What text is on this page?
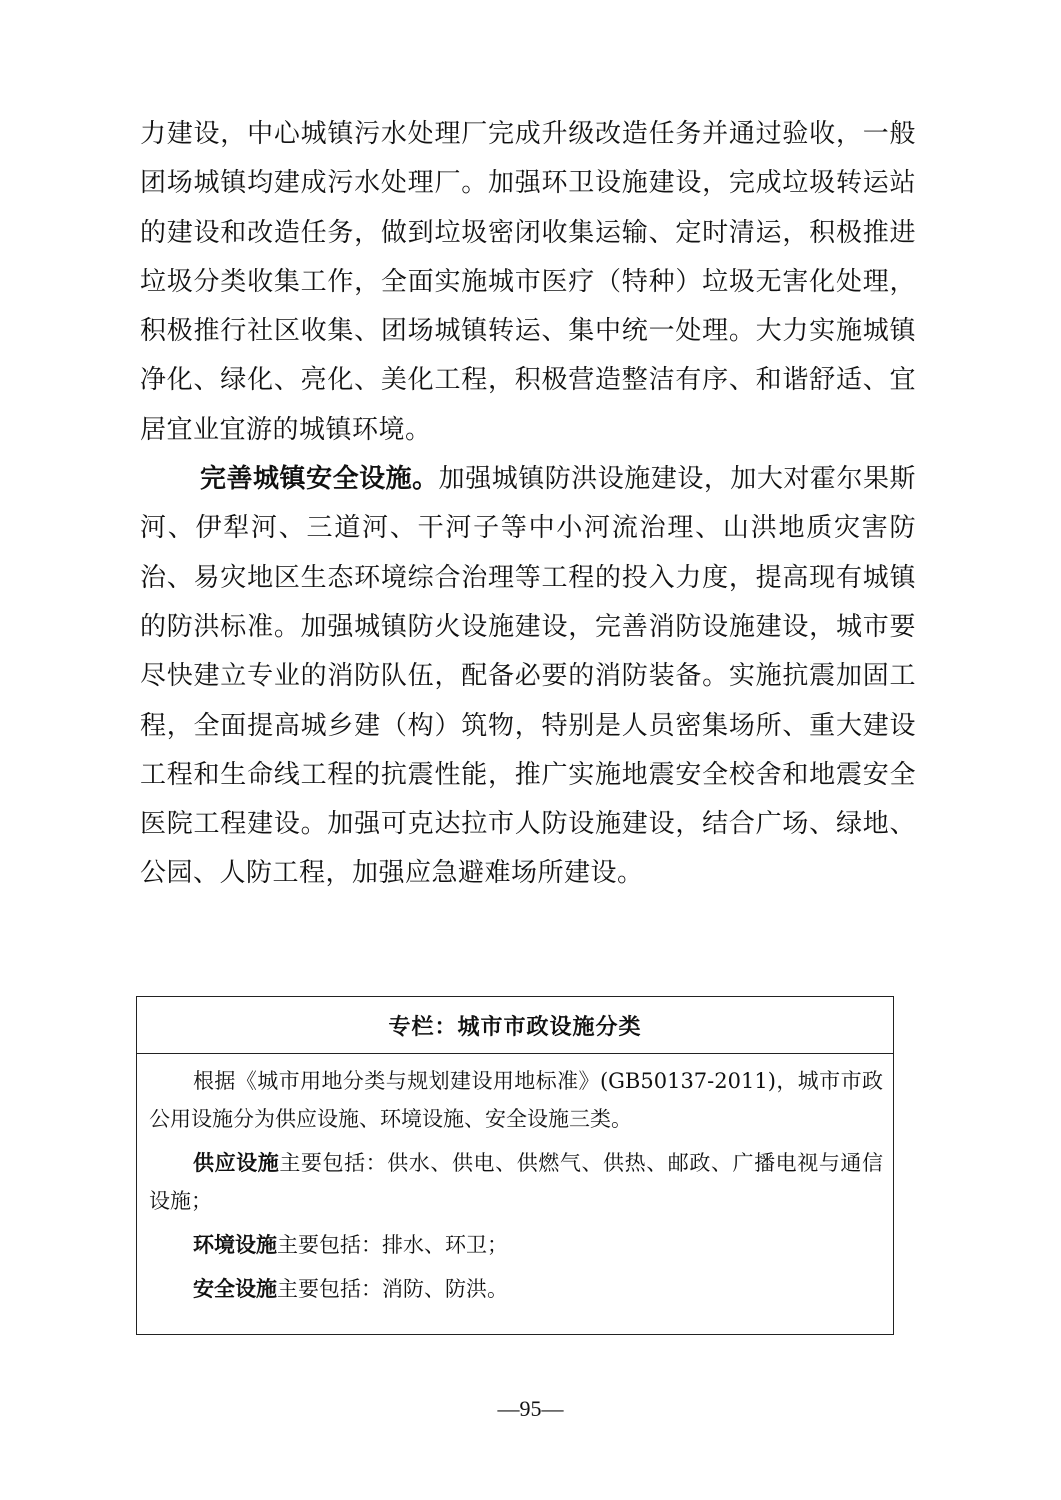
力建设，中心城镇污水处理厂完成升级改造任务并通过验收，一般团场城镇均建成污水处理厂。加强环卫设施建设，完成垃圾转运站的建设和改造任务，做到垃圾密闭收集运输、定时清运，积极推进垃圾分类收集工作，全面实施城市医疗（特种）垃圾无害化处理，积极推行社区收集、团场城镇转运、集中统一处理。大力实施城镇净化、绿化、亮化、美化工程，积极营造整洁有序、和谐舒适、宜居宜业宜游的城镇环境。

完善城镇安全设施。加强城镇防洪设施建设，加大对霍尔果斯河、伊犁河、三道河、干河子等中小河流治理、山洪地质灾害防治、易灾地区生态环境综合治理等工程的投入力度，提高现有城镇的防洪标准。加强城镇防火设施建设，完善消防设施建设，城市要尽快建立专业的消防队伍，配备必要的消防装备。实施抗震加固工程，全面提高城乡建（构）筑物，特别是人员密集场所、重大建设工程和生命线工程的抗震性能，推广实施地震安全校舍和地震安全医院工程建设。加强可克达拉市人防设施建设，结合广场、绿地、公园、人防工程，加强应急避难场所建设。

专栏：城市市政设施分类

根据《城市用地分类与规划建设用地标准》(GB50137-2011)，城市市政公用设施分为供应设施、环境设施、安全设施三类。

供应设施主要包括：供水、供电、供燃气、供热、邮政、广播电视与通信设施；

环境设施主要包括：排水、环卫；

安全设施主要包括：消防、防洪。

—95—
